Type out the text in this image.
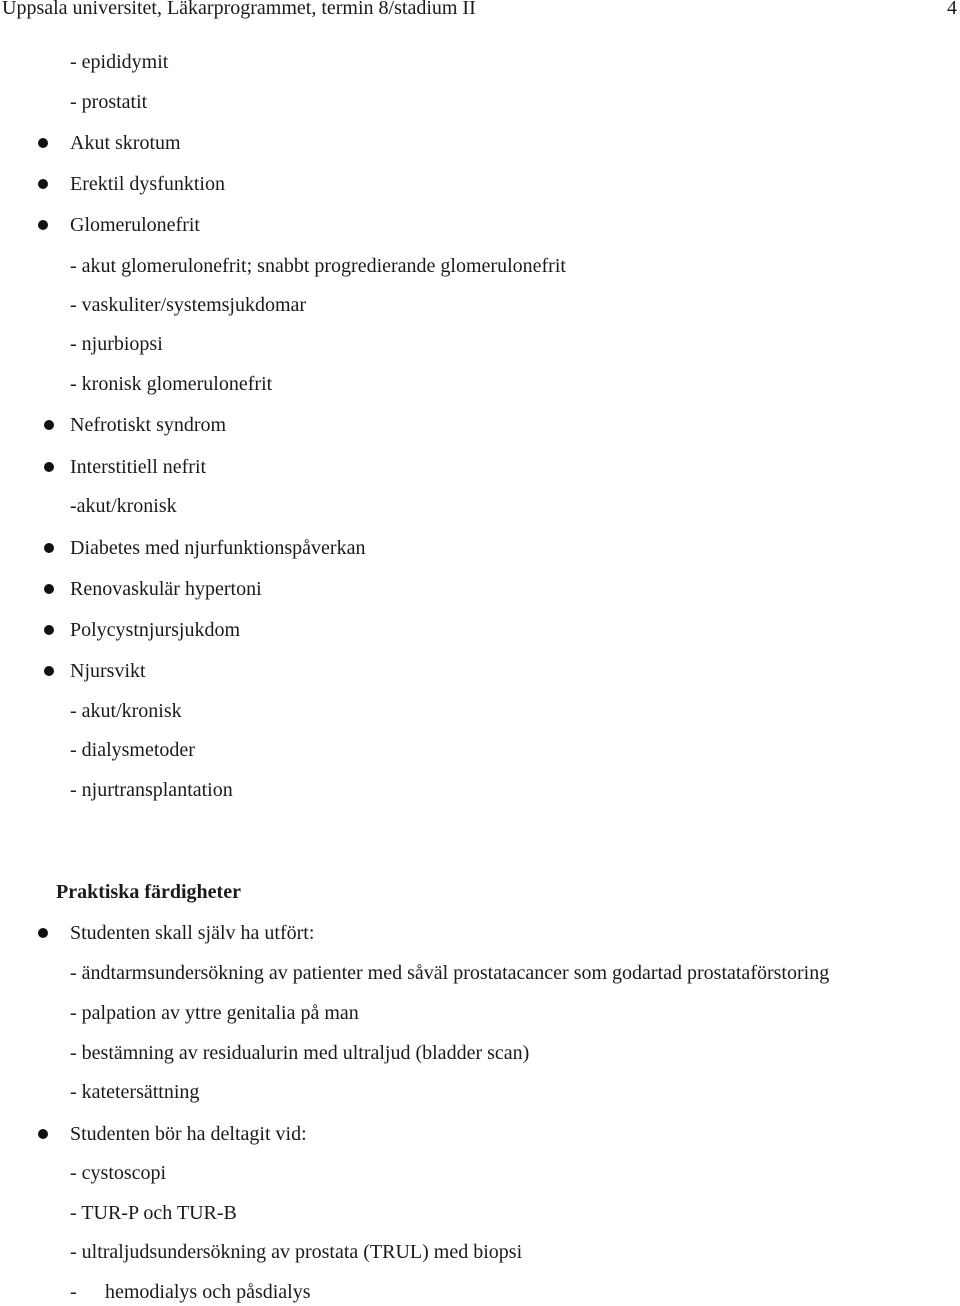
Uppsala universitet, Läkarprogrammet, termin 8/stadium II	4
- epididymit
- prostatit
Akut skrotum
Erektil dysfunktion
Glomerulonefrit
- akut glomerulonefrit; snabbt progredierande glomerulonefrit
- vaskuliter/systemsjukdomar
- njurbiopsi
- kronisk glomerulonefrit
Nefrotiskt syndrom
Interstitiell nefrit
-akut/kronisk
Diabetes med njurfunktionspåverkan
Renovaskulär hypertoni
Polycystnjursjukdom
Njursvikt
- akut/kronisk
- dialysmetoder
- njurtransplantation
Praktiska färdigheter
Studenten skall själv ha utfört:
- ändtarmsundersökning av patienter med såväl prostatacancer som godartad prostataförstoring
- palpation av yttre genitalia på man
- bestämning av residualurin med ultraljud (bladder scan)
- katetersättning
Studenten bör ha deltagit vid:
- cystoscopi
- TUR-P och TUR-B
- ultraljudsundersökning av prostata (TRUL) med biopsi
- hemodialys och påsdialys
